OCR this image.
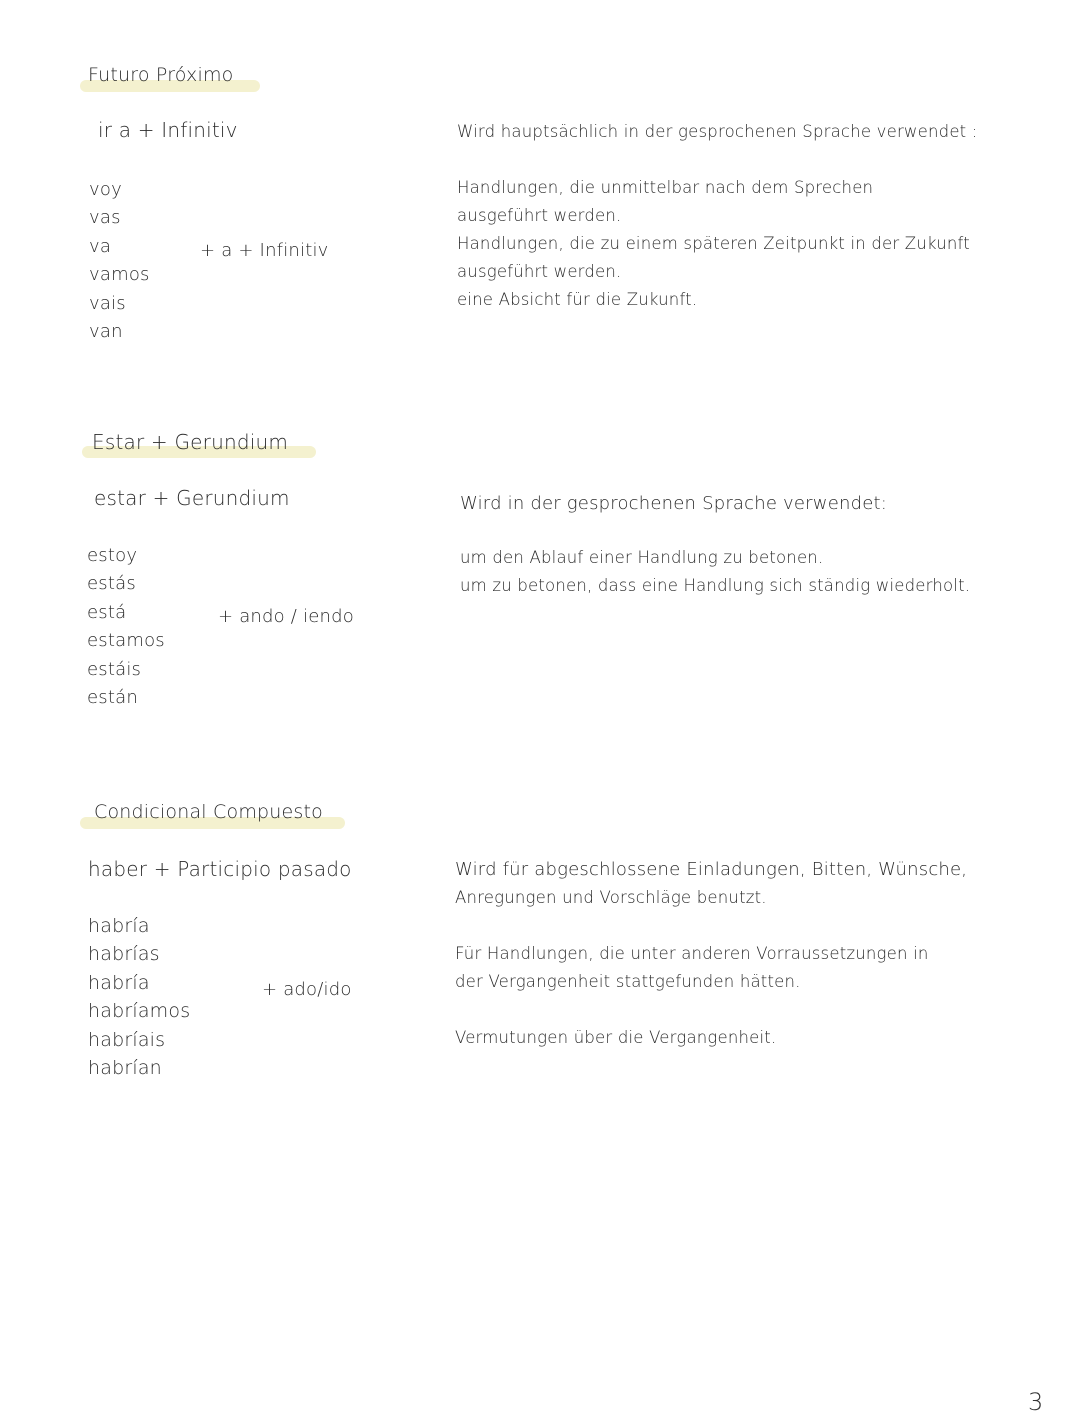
Futuro Próximo
ir a + Infinitiv
voy
vas
va
vamos
vais
van
+ a + Infinitiv

Wird hauptsächlich in der gesprochenen Sprache verwendet :

Handlungen, die unmittelbar nach dem Sprechen

ausgeführt werden.

Handlungen, die zu einem späteren Zeitpunkt in der Zukunft

ausgeführt werden.

eine Absicht für die Zukunft.

Estar + Gerundium
estar + Gerundium
estoy
estás
está
estamos
estáis
están
+ ando / iendo

Wird in der gesprochenen Sprache verwendet:

um den Ablauf einer Handlung zu betonen.

um zu betonen, dass eine Handlung sich ständig wiederholt.

Condicional Compuesto
haber + Participio pasado
habría
habrías
habría
habríamos
habríais
habrían
+ ado/ido

Wird für abgeschlossene Einladungen, Bitten, Wünsche,

Anregungen und Vorschläge benutzt.

Für Handlungen, die unter anderen Vorraussetzungen in

der Vergangenheit stattgefunden hätten.

Vermutungen über die Vergangenheit.

3
